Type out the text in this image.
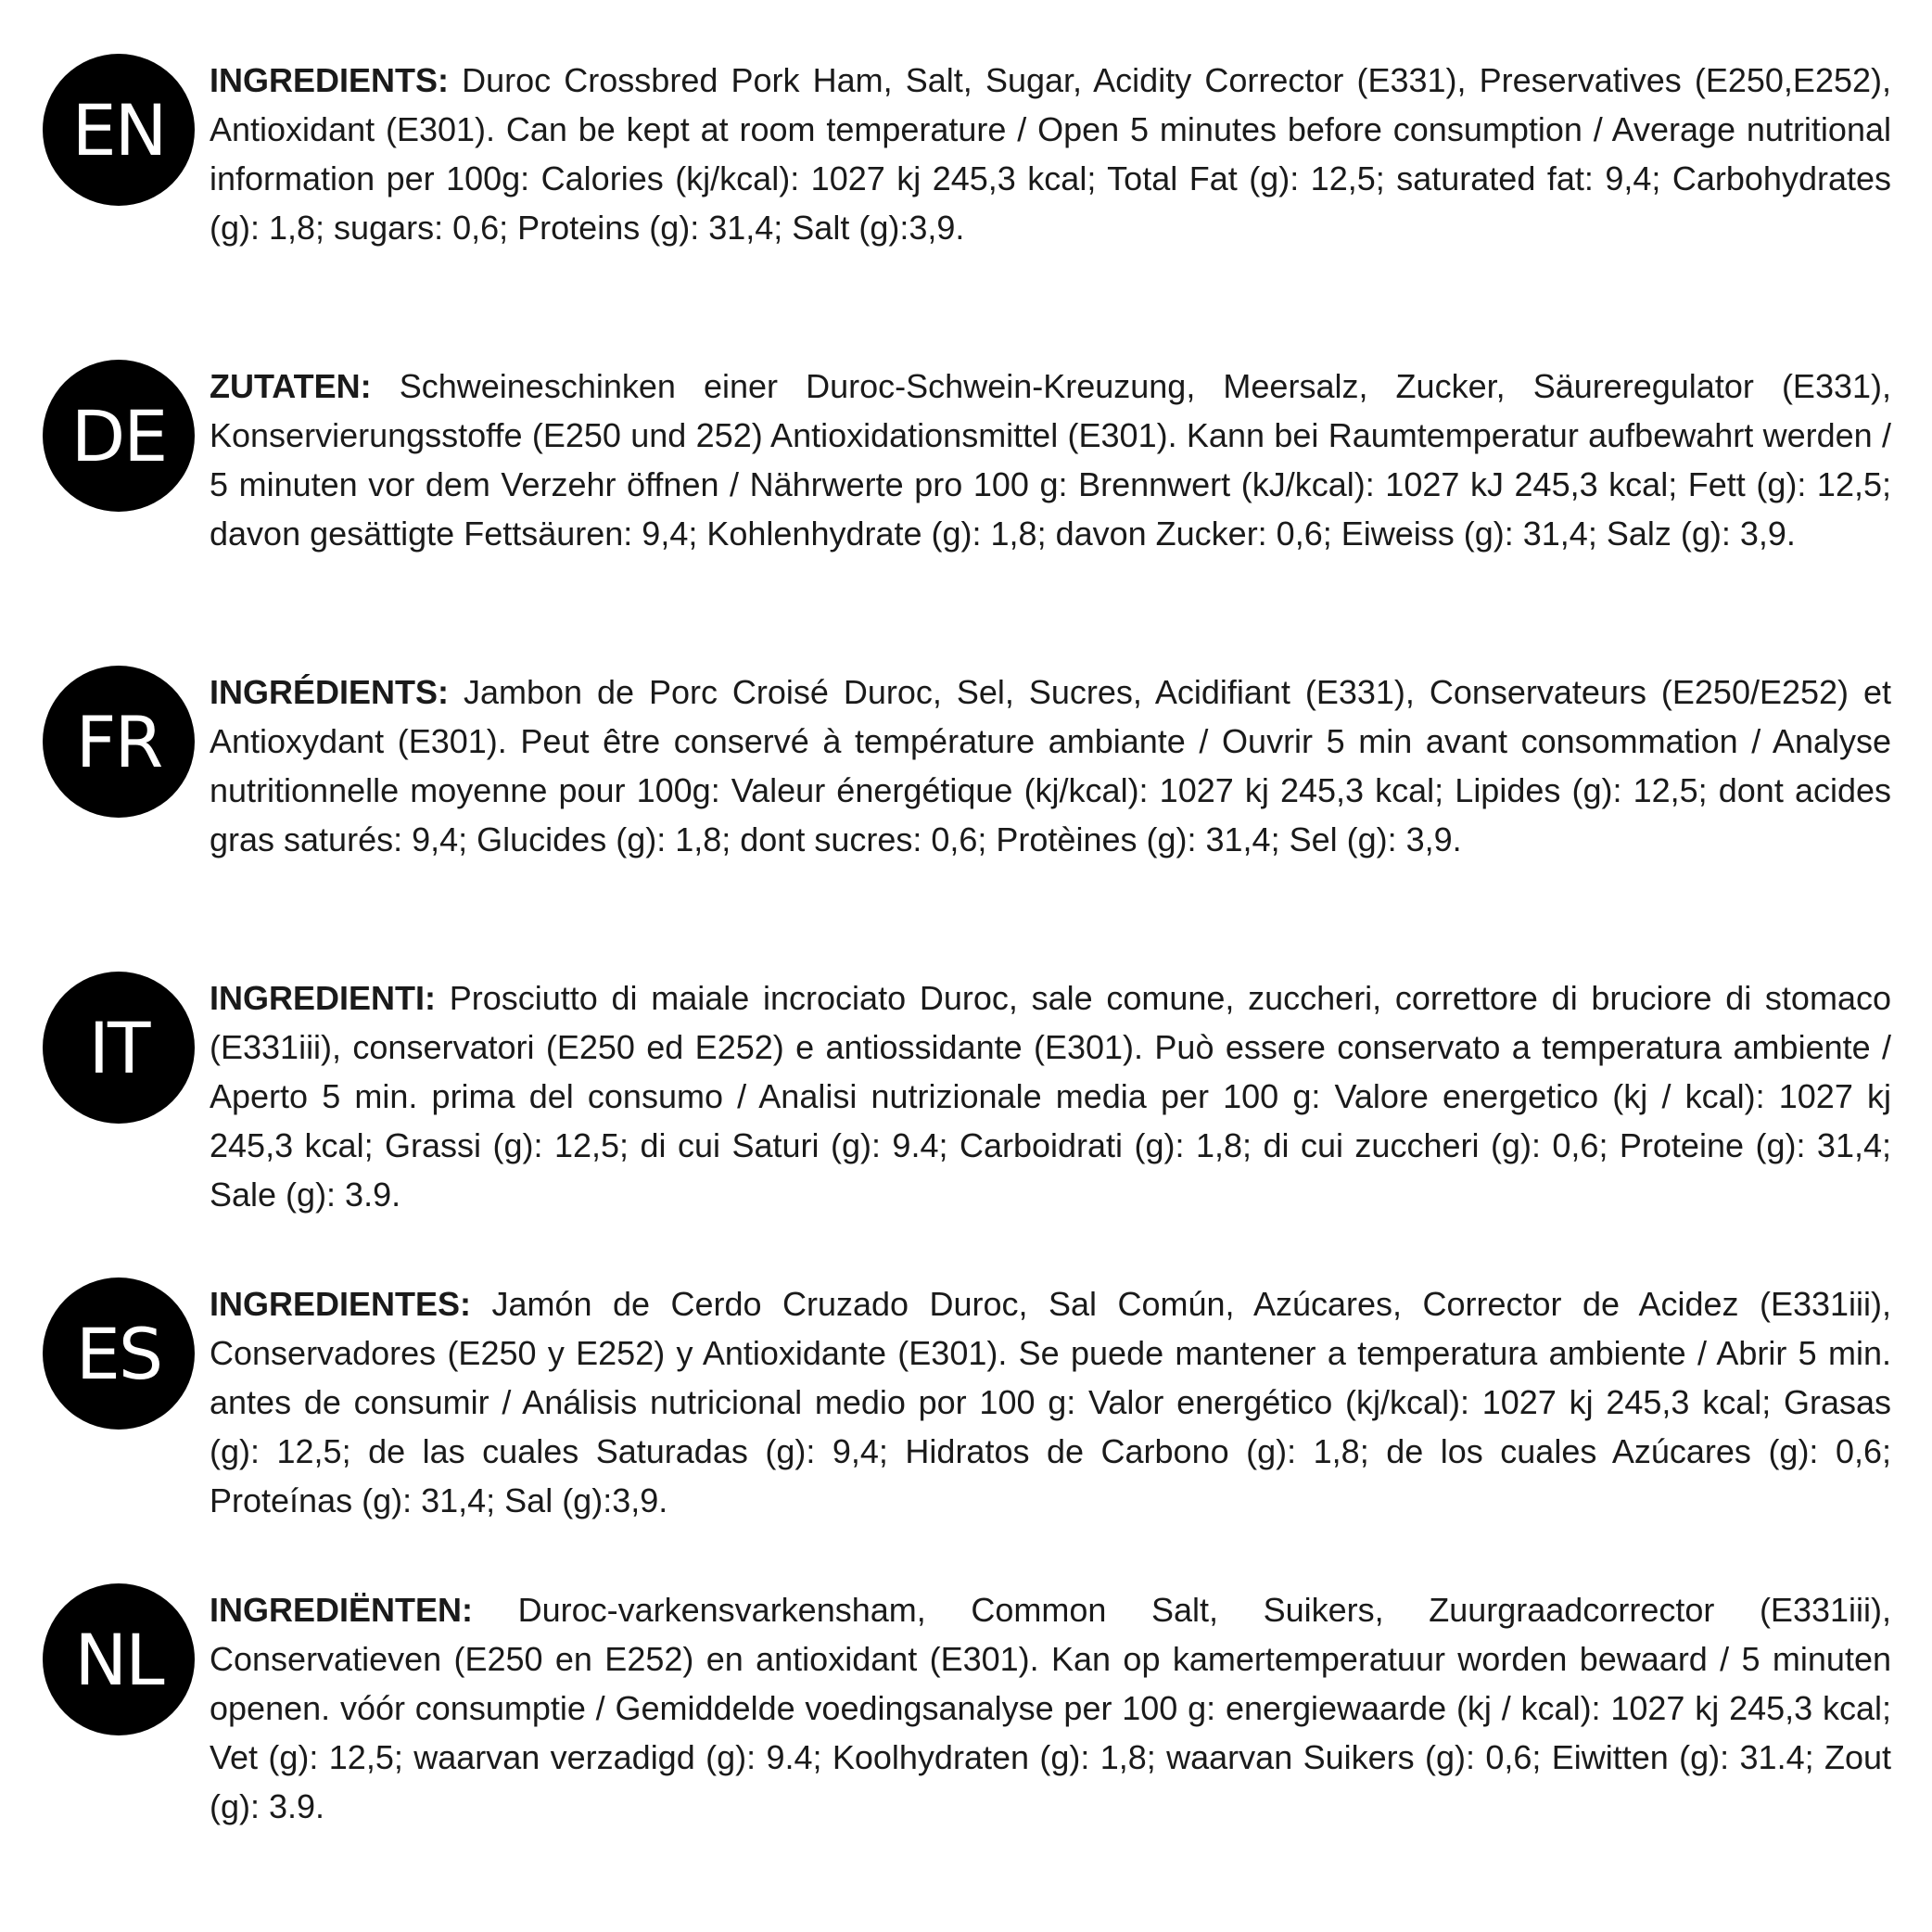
EN

INGREDIENTS: Duroc Crossbred Pork Ham, Salt, Sugar, Acidity Corrector (E331), Preservatives (E250,E252), Antioxidant (E301). Can be kept at room temperature / Open 5 minutes before consumption / Average nutritional information per 100g: Calories (kj/kcal): 1027 kj 245,3 kcal; Total Fat (g): 12,5; saturated fat: 9,4; Carbohydrates (g): 1,8; sugars: 0,6; Proteins (g): 31,4; Salt (g):3,9.

DE

ZUTATEN: Schweineschinken einer Duroc-Schwein-Kreuzung, Meersalz, Zucker, Säureregulator (E331), Konservierungsstoffe (E250 und 252) Antioxidationsmittel (E301). Kann bei Raumtemperatur aufbewahrt werden / 5 minuten vor dem Verzehr öffnen / Nährwerte pro 100 g: Brennwert (kJ/kcal): 1027 kJ 245,3 kcal; Fett (g): 12,5; davon gesättigte Fettsäuren: 9,4; Kohlenhydrate (g): 1,8; davon Zucker: 0,6; Eiweiss (g): 31,4; Salz (g): 3,9.

FR

INGRÉDIENTS: Jambon de Porc Croisé Duroc, Sel, Sucres, Acidifiant (E331), Conservateurs (E250/E252) et Antioxydant (E301). Peut être conservé à température ambiante / Ouvrir 5 min avant consommation / Analyse nutritionnelle moyenne pour 100g: Valeur énergétique (kj/kcal): 1027 kj 245,3 kcal; Lipides (g): 12,5; dont acides gras saturés: 9,4; Glucides (g): 1,8; dont sucres: 0,6; Protèines (g): 31,4; Sel (g): 3,9.

IT

INGREDIENTI: Prosciutto di maiale incrociato Duroc, sale comune, zuccheri, correttore di bruciore di stomaco (E331iii), conservatori (E250 ed E252) e antiossidante (E301). Può essere conservato a temperatura ambiente / Aperto 5 min. prima del consumo / Analisi nutrizionale media per 100 g: Valore energetico (kj / kcal): 1027 kj 245,3 kcal; Grassi (g): 12,5; di cui Saturi (g): 9.4; Carboidrati (g): 1,8; di cui zuccheri (g): 0,6; Proteine (g): 31,4; Sale (g): 3.9.

ES

INGREDIENTES: Jamón de Cerdo Cruzado Duroc, Sal Común, Azúcares, Corrector de Acidez (E331iii), Conservadores (E250 y E252) y Antioxidante (E301). Se puede mantener a temperatura ambiente / Abrir 5 min. antes de consumir / Análisis nutricional medio por 100 g: Valor energético (kj/kcal): 1027 kj 245,3 kcal; Grasas (g): 12,5; de las cuales Saturadas (g): 9,4; Hidratos de Carbono (g): 1,8; de los cuales Azúcares (g): 0,6; Proteínas (g): 31,4; Sal (g):3,9.

NL

INGREDIËNTEN: Duroc-varkensvarkensham, Common Salt, Suikers, Zuurgraadcorrector (E331iii), Conservatieven (E250 en E252) en antioxidant (E301). Kan op kamertemperatuur worden bewaard / 5 minuten openen. vóór consumptie / Gemiddelde voedingsanalyse per 100 g: energiewaarde (kj / kcal): 1027 kj 245,3 kcal; Vet (g): 12,5; waarvan verzadigd (g): 9.4; Koolhydraten (g): 1,8; waarvan Suikers (g): 0,6; Eiwitten (g): 31.4; Zout (g): 3.9.
